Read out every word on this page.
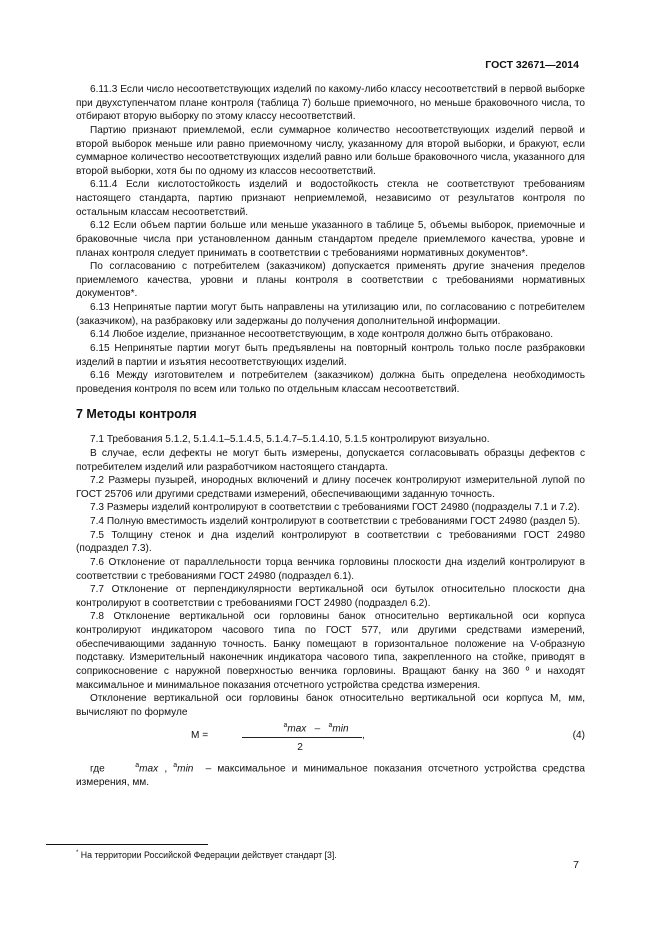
ГОСТ 32671—2014

6.11.3 Если число несоответствующих изделий по какому-либо классу несоответствий в первой выборке при двухступенчатом плане контроля (таблица 7) больше приемочного, но меньше браковочного числа, то отбирают вторую выборку по этому классу несоответствий.

Партию признают приемлемой, если суммарное количество несоответствующих изделий первой и второй выборок меньше или равно приемочному числу, указанному для второй выборки, и бракуют, если суммарное количество несоответствующих изделий равно или больше браковочного числа, указанного для второй выборки, хотя бы по одному из классов несоответствий.

6.11.4 Если кислотостойкость изделий и водостойкость стекла не соответствуют требованиям настоящего стандарта, партию признают неприемлемой, независимо от результатов контроля по остальным классам несоответствий.

6.12 Если объем партии больше или меньше указанного в таблице 5, объемы выборок, приемочные и браковочные числа при установленном данным стандартом пределе приемлемого качества, уровне и планах контроля следует принимать в соответствии с требованиями нормативных документов*.

По согласованию с потребителем (заказчиком) допускается применять другие значения пределов приемлемого качества, уровни и планы контроля в соответствии с требованиями нормативных документов*.

6.13 Непринятые партии могут быть направлены на утилизацию или, по согласованию с потребителем (заказчиком), на разбраковку или задержаны до получения дополнительной информации.

6.14 Любое изделие, признанное несоответствующим, в ходе контроля должно быть отбраковано.

6.15 Непринятые партии могут быть предъявлены на повторный контроль только после разбраковки изделий в партии и изъятия несоответствующих изделий.

6.16 Между изготовителем и потребителем (заказчиком) должна быть определена необходимость проведения контроля по всем или только по отдельным классам несоответствий.

7 Методы контроля

7.1 Требования 5.1.2, 5.1.4.1–5.1.4.5, 5.1.4.7–5.1.4.10, 5.1.5 контролируют визуально.

В случае, если дефекты не могут быть измерены, допускается согласовывать образцы дефектов с потребителем изделий или разработчиком настоящего стандарта.

7.2 Размеры пузырей, инородных включений и длину посечек контролируют измерительной лупой по ГОСТ 25706 или другими средствами измерений, обеспечивающими заданную точность.

7.3 Размеры изделий контролируют в соответствии с требованиями ГОСТ 24980 (подразделы 7.1 и 7.2).

7.4 Полную вместимость изделий контролируют в соответствии с требованиями ГОСТ 24980 (раздел 5).

7.5 Толщину стенок и дна изделий контролируют в соответствии с требованиями ГОСТ 24980 (подраздел 7.3).

7.6 Отклонение от параллельности торца венчика горловины плоскости дна изделий контролируют в соответствии с требованиями ГОСТ 24980 (подраздел 6.1).

7.7 Отклонение от перпендикулярности вертикальной оси бутылок относительно плоскости дна контролируют в соответствии с требованиями ГОСТ 24980 (подраздел 6.2).

7.8 Отклонение вертикальной оси горловины банок относительно вертикальной оси корпуса контролируют индикатором часового типа по ГОСТ 577, или другими средствами измерений, обеспечивающими заданную точность. Банку помещают в горизонтальное положение на V-образную подставку. Измерительный наконечник индикатора часового типа, закрепленного на стойке, приводят в соприкосновение с наружной поверхностью венчика горловины. Вращают банку на 360 º и находят максимальное и минимальное показания отсчетного устройства средства измерения.

Отклонение вертикальной оси горловины банок относительно вертикальной оси корпуса M, мм, вычисляют по формуле

M =
$^a$max – $^a$min
,
2
(4)

где	$^a$max , $^a$min – максимальное и минимальное показания отсчетного устройства средства измерения, мм.

* На территории Российской Федерации действует стандарт [3].
7
